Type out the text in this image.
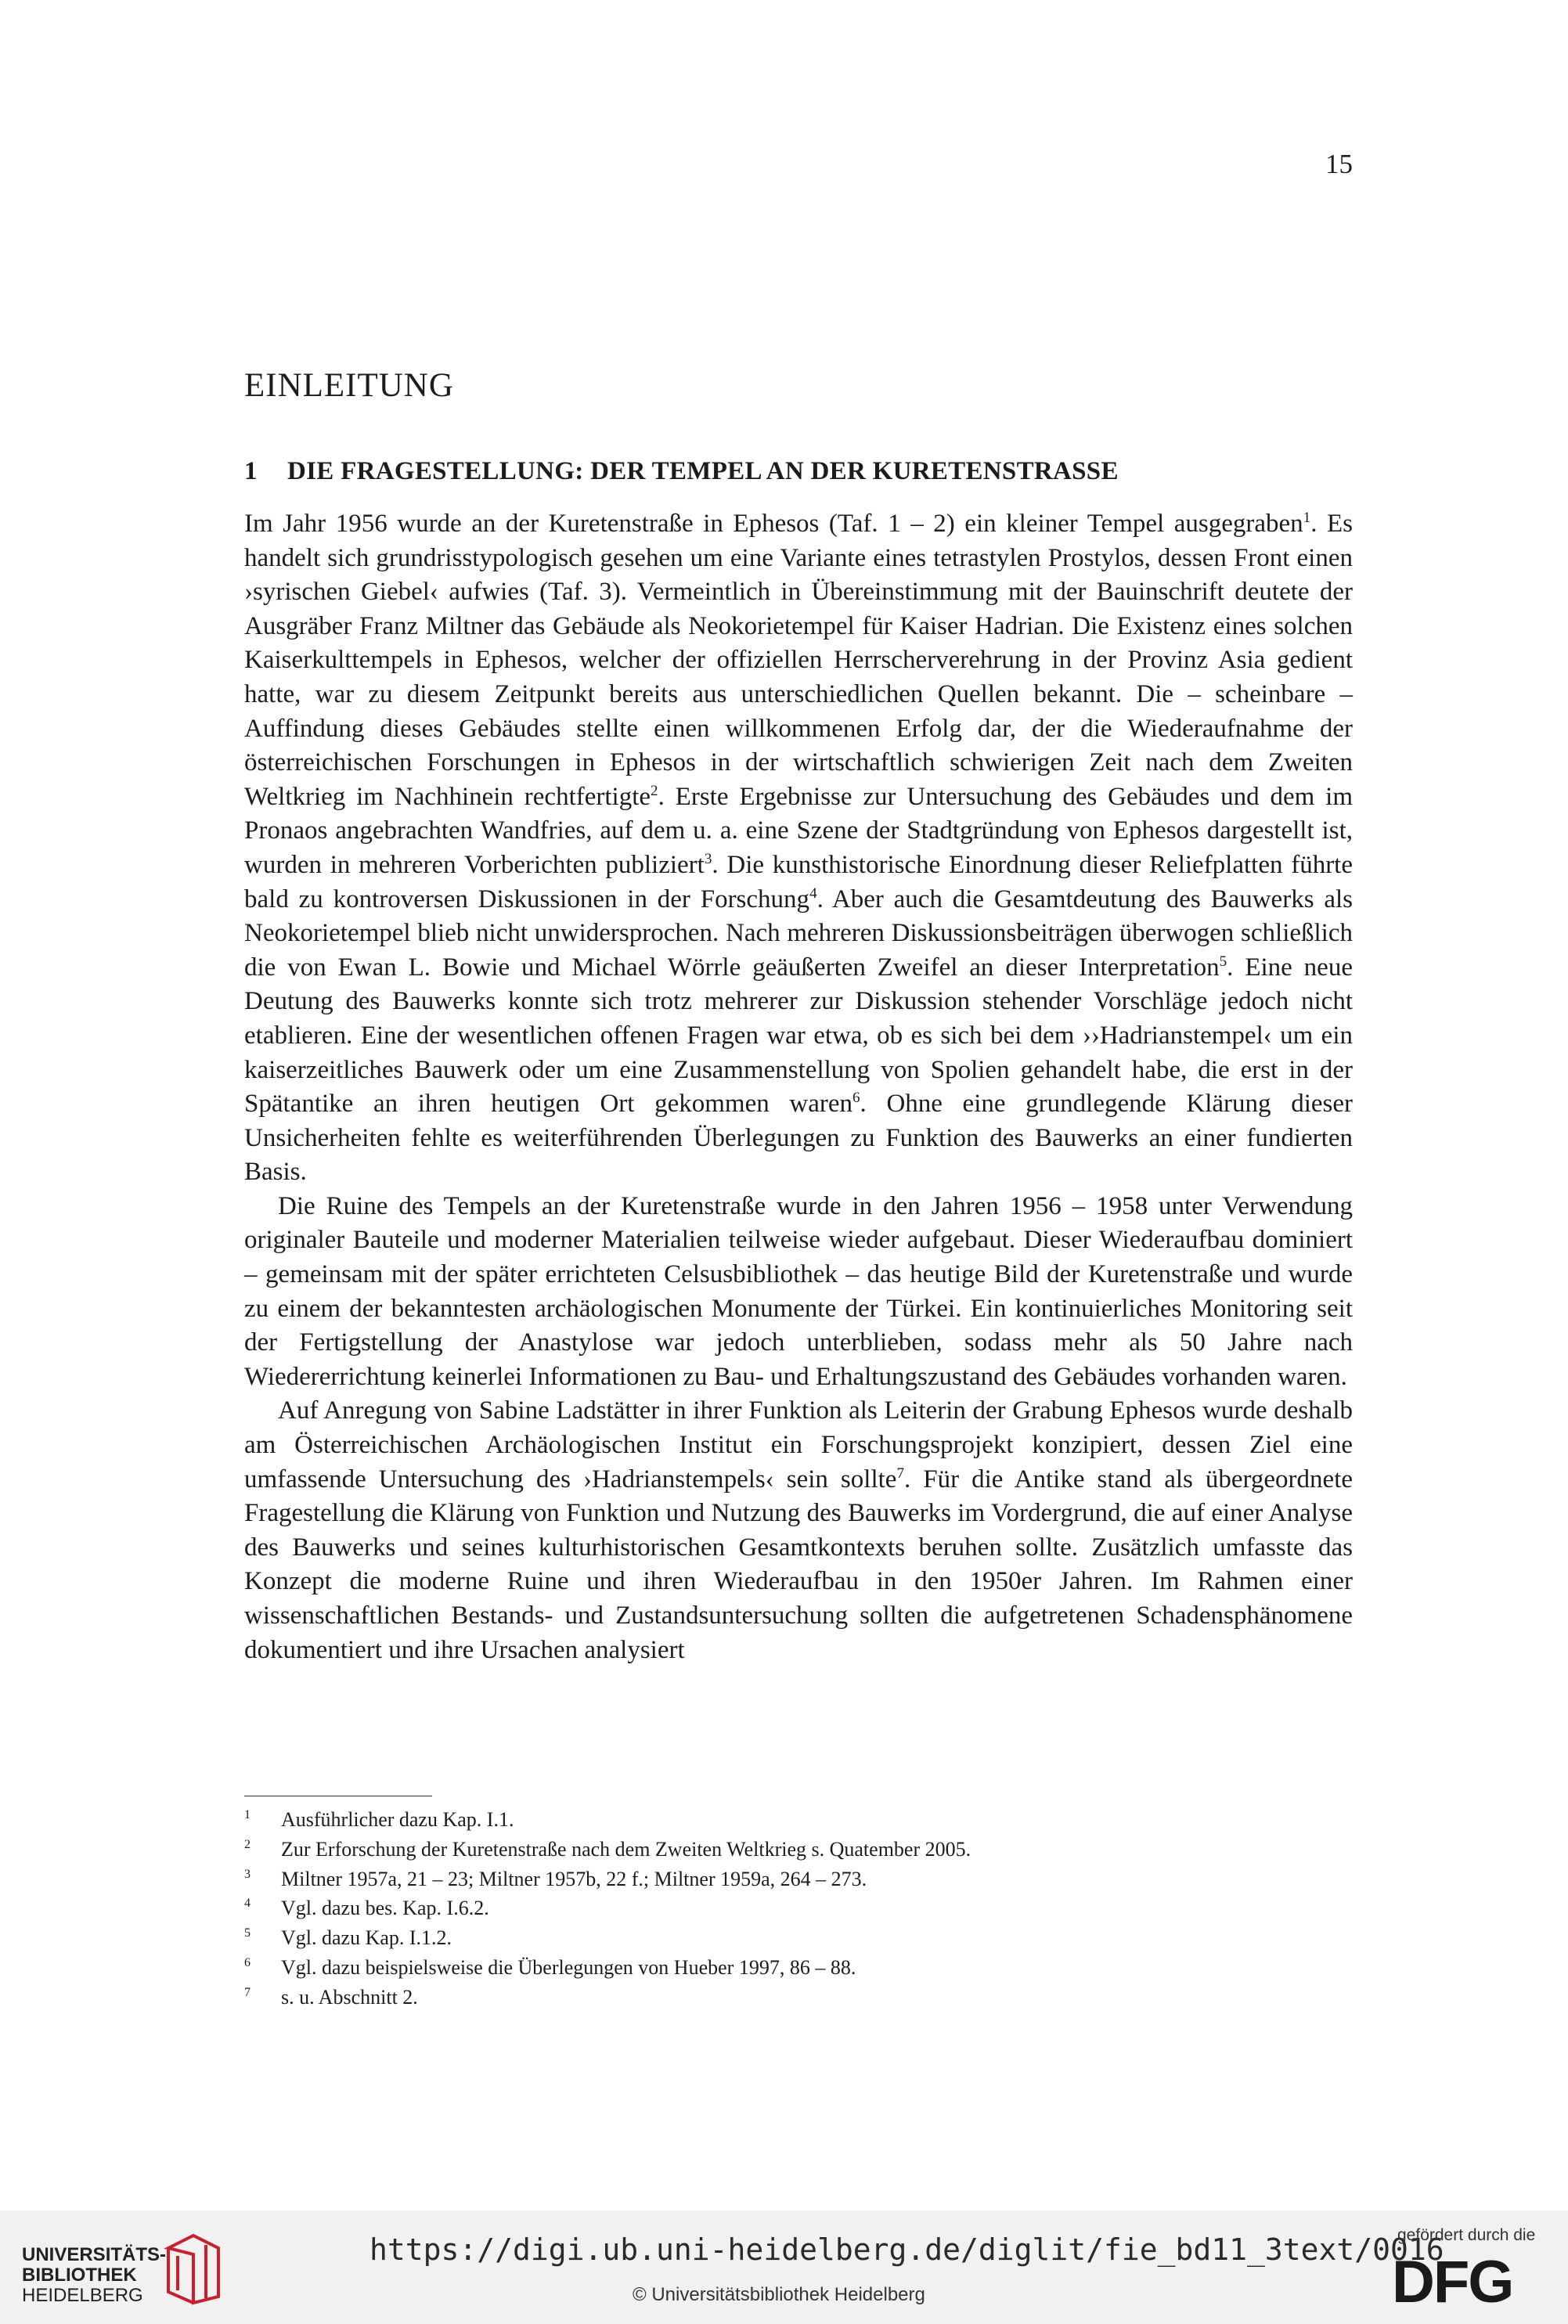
15
EINLEITUNG
1 DIE FRAGESTELLUNG: DER TEMPEL AN DER KURETENSTRASSE

Im Jahr 1956 wurde an der Kuretenstraße in Ephesos (Taf. 1 – 2) ein kleiner Tempel ausgegraben$^1$. Es handelt sich grundrisstypologisch gesehen um eine Variante eines tetrastylen Prostylos, dessen Front einen ›syrischen Giebel‹ aufwies (Taf. 3). Vermeintlich in Übereinstimmung mit der Bauinschrift deutete der Ausgräber Franz Miltner das Gebäude als Neokorietempel für Kaiser Hadrian. Die Existenz eines solchen Kaiserkulttempels in Ephesos, welcher der offiziellen Herrscherverehrung in der Provinz Asia gedient hatte, war zu diesem Zeitpunkt bereits aus unterschiedlichen Quellen bekannt. Die – scheinbare – Auffindung dieses Gebäudes stellte einen willkommenen Erfolg dar, der die Wiederaufnahme der österreichischen Forschungen in Ephesos in der wirtschaftlich schwierigen Zeit nach dem Zweiten Weltkrieg im Nachhinein rechtfertigte$^2$. Erste Ergebnisse zur Untersuchung des Gebäudes und dem im Pronaos angebrachten Wandfries, auf dem u. a. eine Szene der Stadtgründung von Ephesos dargestellt ist, wurden in mehreren Vorberichten publiziert$^3$. Die kunsthistorische Einordnung dieser Reliefplatten führte bald zu kontroversen Diskussionen in der Forschung$^4$. Aber auch die Gesamtdeutung des Bauwerks als Neokorietempel blieb nicht unwidersprochen. Nach mehreren Diskussionsbeiträgen überwogen schließlich die von Ewan L. Bowie und Michael Wörrle geäußerten Zweifel an dieser Interpretation$^5$. Eine neue Deutung des Bauwerks konnte sich trotz mehrerer zur Diskussion stehender Vorschläge jedoch nicht etablieren. Eine der wesentlichen offenen Fragen war etwa, ob es sich bei dem ››Hadrianstempel‹ um ein kaiserzeitliches Bauwerk oder um eine Zusammenstellung von Spolien gehandelt habe, die erst in der Spätantike an ihren heutigen Ort gekommen waren$^6$. Ohne eine grundlegende Klärung dieser Unsicherheiten fehlte es weiterführenden Überlegungen zu Funktion des Bauwerks an einer fundierten Basis.

Die Ruine des Tempels an der Kuretenstraße wurde in den Jahren 1956 – 1958 unter Verwendung originaler Bauteile und moderner Materialien teilweise wieder aufgebaut. Dieser Wiederaufbau dominiert – gemeinsam mit der später errichteten Celsusbibliothek – das heutige Bild der Kuretenstraße und wurde zu einem der bekanntesten archäologischen Monumente der Türkei. Ein kontinuierliches Monitoring seit der Fertigstellung der Anastylose war jedoch unterblieben, sodass mehr als 50 Jahre nach Wiedererrichtung keinerlei Informationen zu Bau- und Erhaltungszustand des Gebäudes vorhanden waren.

Auf Anregung von Sabine Ladstätter in ihrer Funktion als Leiterin der Grabung Ephesos wurde deshalb am Österreichischen Archäologischen Institut ein Forschungsprojekt konzipiert, dessen Ziel eine umfassende Untersuchung des ›Hadrianstempels‹ sein sollte$^7$. Für die Antike stand als übergeordnete Fragestellung die Klärung von Funktion und Nutzung des Bauwerks im Vordergrund, die auf einer Analyse des Bauwerks und seines kulturhistorischen Gesamtkontexts beruhen sollte. Zusätzlich umfasste das Konzept die moderne Ruine und ihren Wiederaufbau in den 1950er Jahren. Im Rahmen einer wissenschaftlichen Bestands- und Zustandsuntersuchung sollten die aufgetretenen Schadensphänomene dokumentiert und ihre Ursachen analysiert

1	Ausführlicher dazu Kap. I.1.
2	Zur Erforschung der Kuretenstraße nach dem Zweiten Weltkrieg s. Quatember 2005.
3	Miltner 1957a, 21 – 23; Miltner 1957b, 22 f.; Miltner 1959a, 264 – 273.
4	Vgl. dazu bes. Kap. I.6.2.
5	Vgl. dazu Kap. I.1.2.
6	Vgl. dazu beispielsweise die Überlegungen von Hueber 1997, 86 – 88.
7	s. u. Abschnitt 2.
UNIVERSITÄTS-
BIBLIOTHEK
HEIDELBERG
https://digi.ub.uni-heidelberg.de/diglit/fie_bd11_3text/0016
© Universitätsbibliothek Heidelberg
gefördert durch die
DFG
